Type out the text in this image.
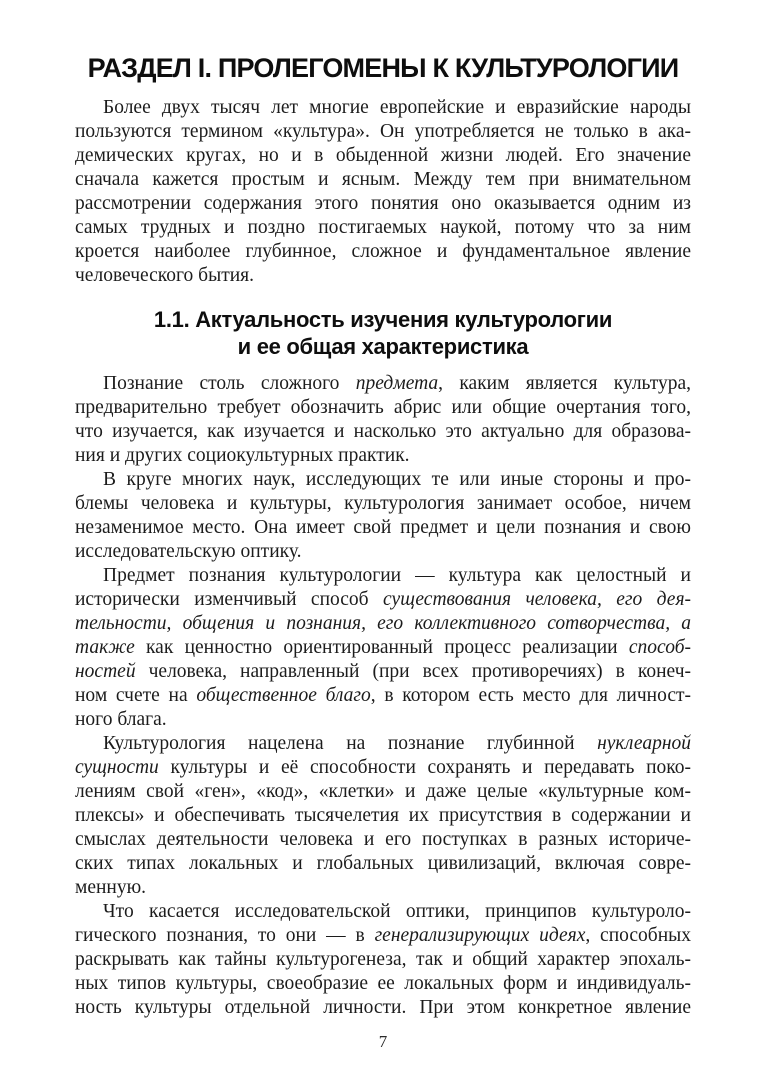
РАЗДЕЛ I. ПРОЛЕГОМЕНЫ К КУЛЬТУРОЛОГИИ
Более двух тысяч лет многие европейские и евразийские народы
пользуются термином «культура». Он употребляется не только в ака-
демических кругах, но и в обыденной жизни людей. Его значение
сначала кажется простым и ясным. Между тем при внимательном
рассмотрении содержания этого понятия оно оказывается одним из
самых трудных и поздно постигаемых наукой, потому что за ним
кроется наиболее глубинное, сложное и фундаментальное явление
человеческого бытия.
1.1. Актуальность изучения культурологии
и ее общая характеристика
Познание столь сложного предмета, каким является культура,
предварительно требует обозначить абрис или общие очертания того,
что изучается, как изучается и насколько это актуально для образова-
ния и других социокультурных практик.
В круге многих наук, исследующих те или иные стороны и про-
блемы человека и культуры, культурология занимает особое, ничем
незаменимое место. Она имеет свой предмет и цели познания и свою
исследовательскую оптику.
Предмет познания культурологии — культура как целостный и
исторически изменчивый способ существования человека, его дея-
тельности, общения и познания, его коллективного сотворчества, а
также как ценностно ориентированный процесс реализации способ-
ностей человека, направленный (при всех противоречиях) в конеч-
ном счете на общественное благо, в котором есть место для личност-
ного блага.
Культурология нацелена на познание глубинной нуклеарной
сущности культуры и её способности сохранять и передавать поко-
лениям свой «ген», «код», «клетки» и даже целые «культурные ком-
плексы» и обеспечивать тысячелетия их присутствия в содержании и
смыслах деятельности человека и его поступках в разных историче-
ских типах локальных и глобальных цивилизаций, включая совре-
менную.
Что касается исследовательской оптики, принципов культуроло-
гического познания, то они — в генерализирующих идеях, способных
раскрывать как тайны культурогенеза, так и общий характер эпохаль-
ных типов культуры, своеобразие ее локальных форм и индивидуаль-
ность культуры отдельной личности. При этом конкретное явление
7
